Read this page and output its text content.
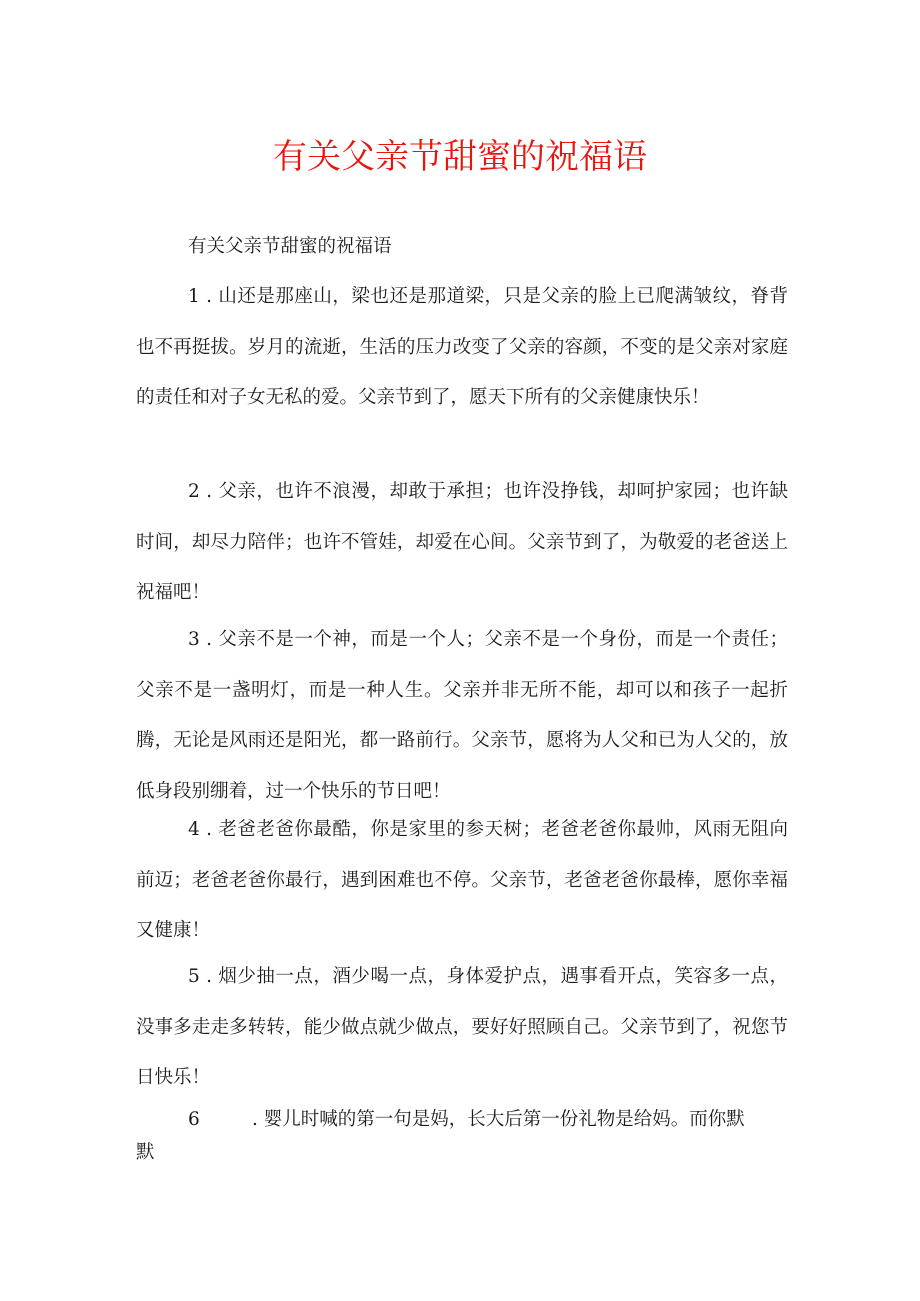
有关父亲节甜蜜的祝福语

有关父亲节甜蜜的祝福语

1 . 山还是那座山，梁也还是那道梁，只是父亲的脸上已爬满皱纹，脊背也不再挺拔。岁月的流逝，生活的压力改变了父亲的容颜，不变的是父亲对家庭的责任和对子女无私的爱。父亲节到了，愿天下所有的父亲健康快乐！

2 . 父亲，也许不浪漫，却敢于承担；也许没挣钱，却呵护家园；也许缺时间，却尽力陪伴；也许不管娃，却爱在心间。父亲节到了，为敬爱的老爸送上祝福吧！

3 . 父亲不是一个神，而是一个人；父亲不是一个身份，而是一个责任；父亲不是一盏明灯，而是一种人生。父亲并非无所不能，却可以和孩子一起折腾，无论是风雨还是阳光，都一路前行。父亲节，愿将为人父和已为人父的，放低身段别绷着，过一个快乐的节日吧！

4 . 老爸老爸你最酷，你是家里的参天树；老爸老爸你最帅，风雨无阻向前迈；老爸老爸你最行，遇到困难也不停。父亲节，老爸老爸你最棒，愿你幸福又健康！

5 . 烟少抽一点，酒少喝一点，身体爱护点，遇事看开点，笑容多一点，没事多走走多转转，能少做点就少做点，要好好照顾自己。父亲节到了，祝您节日快乐！

6	. 婴儿时喊的第一句是妈，长大后第一份礼物是给妈。而你默
默
